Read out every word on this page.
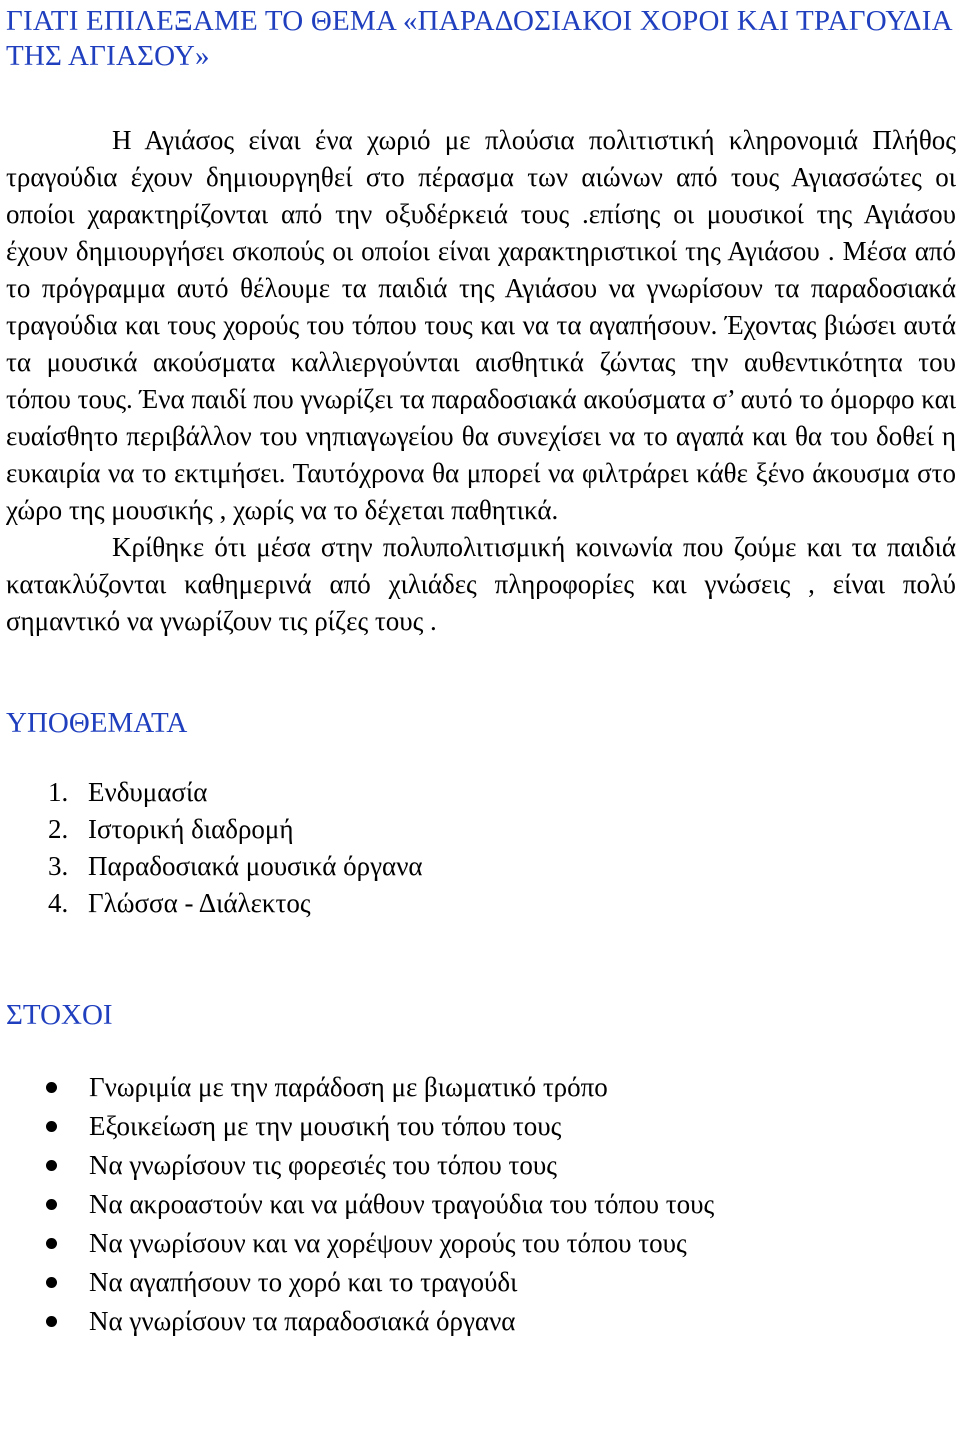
ΓΙΑΤΙ ΕΠΙΛΕΞΑΜΕ ΤΟ ΘΕΜΑ «ΠΑΡΑΔΟΣΙΑΚΟΙ ΧΟΡΟΙ ΚΑΙ ΤΡΑΓΟΥΔΙΑ ΤΗΣ ΑΓΙΑΣΟΥ»

Η Αγιάσος είναι ένα χωριό με πλούσια πολιτιστική κληρονομιά Πλήθος τραγούδια έχουν δημιουργηθεί στο πέρασμα των αιώνων από τους Αγιασσώτες οι οποίοι χαρακτηρίζονται από την οξυδέρκειά τους .επίσης οι μουσικοί της Αγιάσου έχουν δημιουργήσει σκοπούς οι οποίοι είναι χαρακτηριστικοί της Αγιάσου . Μέσα από το πρόγραμμα αυτό θέλουμε τα παιδιά της Αγιάσου να γνωρίσουν τα παραδοσιακά τραγούδια και τους χορούς του τόπου τους και να τα αγαπήσουν. Έχοντας βιώσει αυτά τα μουσικά ακούσματα καλλιεργούνται αισθητικά ζώντας την αυθεντικότητα του τόπου τους. Ένα παιδί που γνωρίζει τα παραδοσιακά ακούσματα σ’ αυτό το όμορφο και ευαίσθητο περιβάλλον του νηπιαγωγείου θα συνεχίσει να το αγαπά και θα του δοθεί η ευκαιρία να το εκτιμήσει. Ταυτόχρονα θα μπορεί να φιλτράρει κάθε ξένο άκουσμα στο χώρο της μουσικής , χωρίς να το δέχεται παθητικά.

Κρίθηκε ότι μέσα στην πολυπολιτισμική κοινωνία που ζούμε και τα παιδιά κατακλύζονται καθημερινά από χιλιάδες πληροφορίες και γνώσεις , είναι πολύ σημαντικό να γνωρίζουν τις ρίζες τους .

ΥΠΟΘΕΜΑΤΑ
1. Ενδυμασία
2. Ιστορική διαδρομή
3. Παραδοσιακά μουσικά όργανα
4. Γλώσσα - Διάλεκτος
ΣΤΟΧΟΙ
Γνωριμία με την παράδοση με βιωματικό τρόπο
Εξοικείωση με την μουσική του τόπου τους
Να γνωρίσουν τις φορεσιές του τόπου τους
Να ακροαστούν και να μάθουν τραγούδια του τόπου τους
Να γνωρίσουν και να χορέψουν χορούς του τόπου τους
Να αγαπήσουν το χορό και το τραγούδι
Να γνωρίσουν τα παραδοσιακά όργανα
